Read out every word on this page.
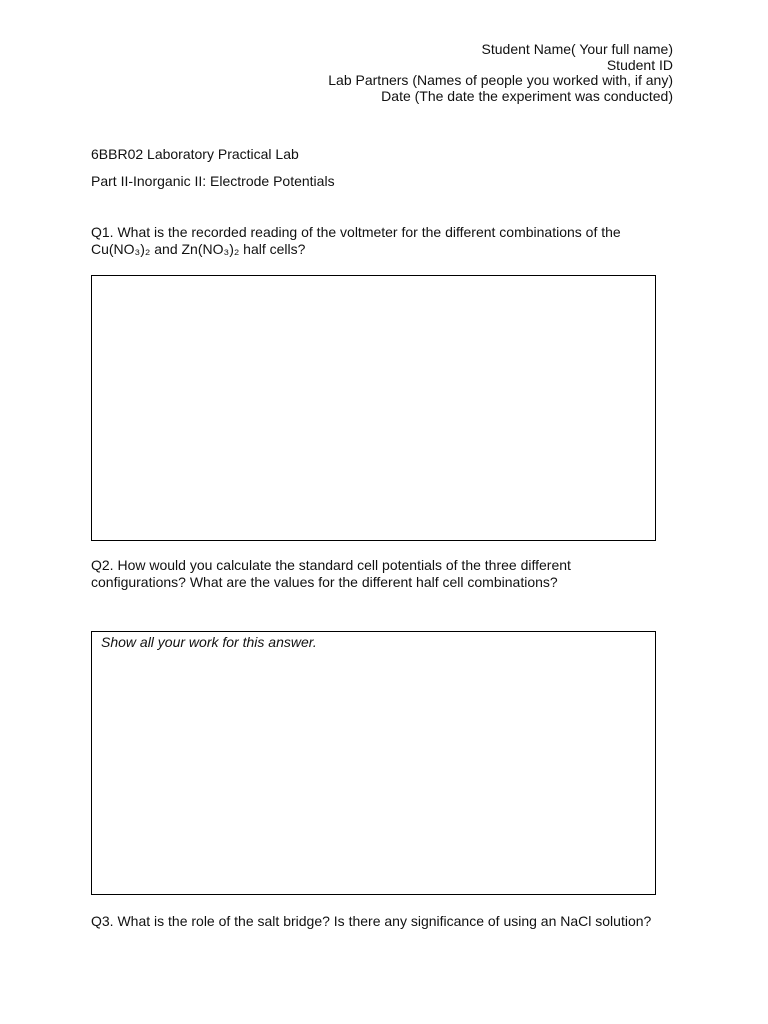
Student Name( Your full name)
Student ID
Lab Partners (Names of people you worked with, if any)
Date (The date the experiment was conducted)
6BBR02 Laboratory Practical Lab
Part II-Inorganic II: Electrode Potentials
Q1. What is the recorded reading of the voltmeter for the different combinations of the
Cu(NO₃)₂ and Zn(NO₃)₂ half cells?
Q2. How would you calculate the standard cell potentials of the three different
configurations? What are the values for the different half cell combinations?
Show all your work for this answer.
Q3. What is the role of the salt bridge? Is there any significance of using an NaCl solution?
